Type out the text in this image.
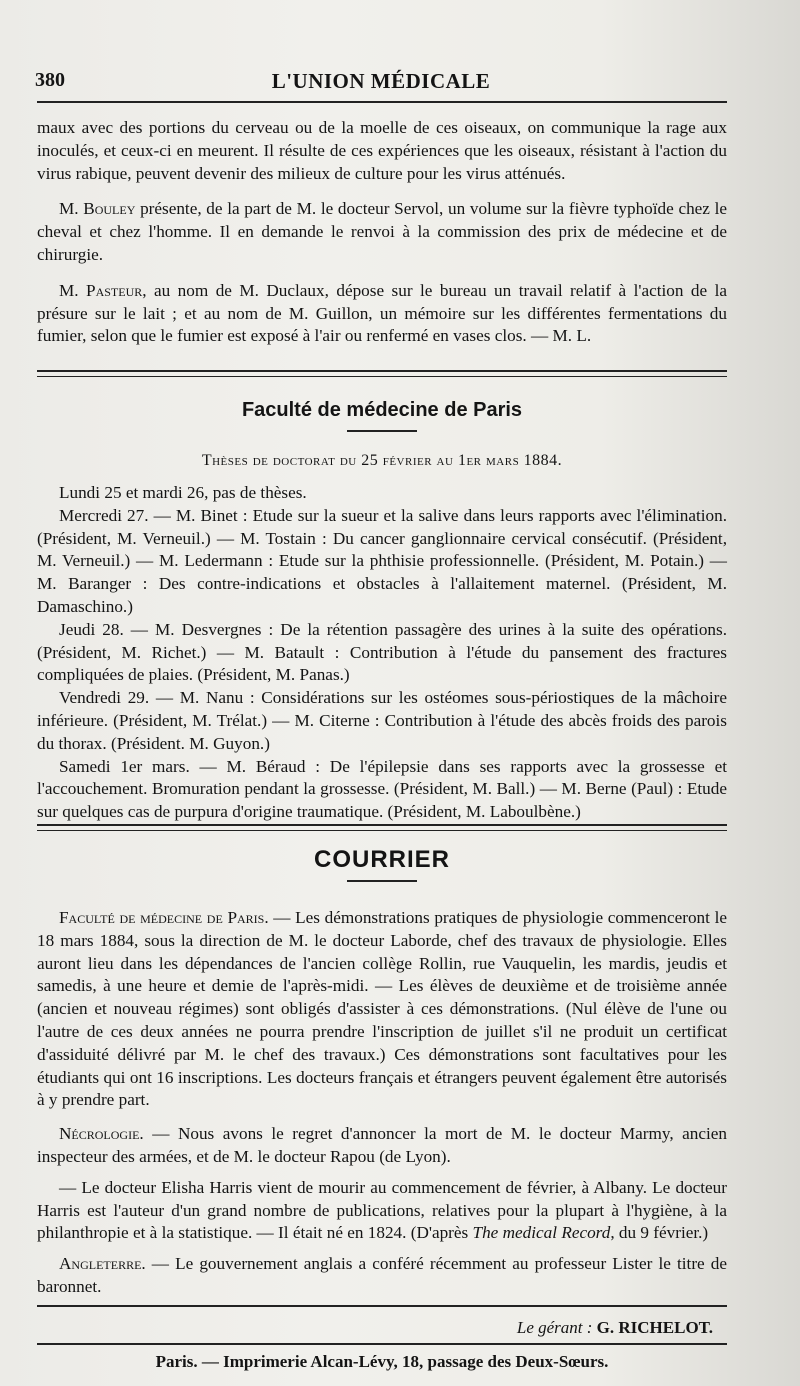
380	L'UNION MÉDICALE

maux avec des portions du cerveau ou de la moelle de ces oiseaux, on communique la rage aux inoculés, et ceux-ci en meurent. Il résulte de ces expériences que les oiseaux, résistant à l'action du virus rabique, peuvent devenir des milieux de culture pour les virus atténués.

M. Bouley présente, de la part de M. le docteur Servol, un volume sur la fièvre typhoïde chez le cheval et chez l'homme. Il en demande le renvoi à la commission des prix de médecine et de chirurgie.

M. Pasteur, au nom de M. Duclaux, dépose sur le bureau un travail relatif à l'action de la présure sur le lait ; et au nom de M. Guillon, un mémoire sur les différentes fermentations du fumier, selon que le fumier est exposé à l'air ou renfermé en vases clos. — M. L.

Faculté de médecine de Paris
Thèses de doctorat du 25 février au 1er mars 1884.

Lundi 25 et mardi 26, pas de thèses.

Mercredi 27. — M. Binet : Etude sur la sueur et la salive dans leurs rapports avec l'élimination. (Président, M. Verneuil.) — M. Tostain : Du cancer ganglionnaire cervical consécutif. (Président, M. Verneuil.) — M. Ledermann : Etude sur la phthisie professionnelle. (Président, M. Potain.) — M. Baranger : Des contre-indications et obstacles à l'allaitement maternel. (Président, M. Damaschino.)

Jeudi 28. — M. Desvergnes : De la rétention passagère des urines à la suite des opérations. (Président, M. Richet.) — M. Batault : Contribution à l'étude du pansement des fractures compliquées de plaies. (Président, M. Panas.)

Vendredi 29. — M. Nanu : Considérations sur les ostéomes sous-périostiques de la mâchoire inférieure. (Président, M. Trélat.) — M. Citerne : Contribution à l'étude des abcès froids des parois du thorax. (Président. M. Guyon.)

Samedi 1er mars. — M. Béraud : De l'épilepsie dans ses rapports avec la grossesse et l'accouchement. Bromuration pendant la grossesse. (Président, M. Ball.) — M. Berne (Paul) : Etude sur quelques cas de purpura d'origine traumatique. (Président, M. Laboulbène.)

COURRIER

Faculté de médecine de Paris. — Les démonstrations pratiques de physiologie commenceront le 18 mars 1884, sous la direction de M. le docteur Laborde, chef des travaux de physiologie. Elles auront lieu dans les dépendances de l'ancien collège Rollin, rue Vauquelin, les mardis, jeudis et samedis, à une heure et demie de l'après-midi. — Les élèves de deuxième et de troisième année (ancien et nouveau régimes) sont obligés d'assister à ces démonstrations. (Nul élève de l'une ou l'autre de ces deux années ne pourra prendre l'inscription de juillet s'il ne produit un certificat d'assiduité délivré par M. le chef des travaux.) Ces démonstrations sont facultatives pour les étudiants qui ont 16 inscriptions. Les docteurs français et étrangers peuvent également être autorisés à y prendre part.

Nécrologie. — Nous avons le regret d'annoncer la mort de M. le docteur Marmy, ancien inspecteur des armées, et de M. le docteur Rapou (de Lyon).

— Le docteur Elisha Harris vient de mourir au commencement de février, à Albany. Le docteur Harris est l'auteur d'un grand nombre de publications, relatives pour la plupart à l'hygiène, à la philanthropie et à la statistique. — Il était né en 1824. (D'après The medical Record, du 9 février.)

Angleterre. — Le gouvernement anglais a conféré récemment au professeur Lister le titre de baronnet.

Le gérant : G. RICHELOT.
Paris. — Imprimerie Alcan-Lévy, 18, passage des Deux-Sœurs.
